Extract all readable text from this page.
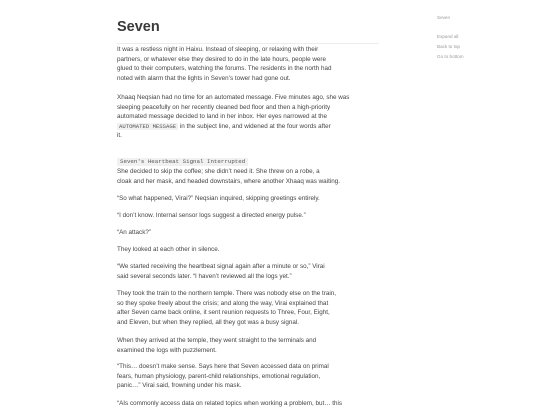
Seven
It was a restless night in Haixu. Instead of sleeping, or relaxing with their
partners, or whatever else they desired to do in the late hours, people were
glued to their computers, watching the forums. The residents in the north had
noted with alarm that the lights in Seven’s tower had gone out.
Xhaaq Neqsian had no time for an automated message. Five minutes ago, she was
sleeping peacefully on her recently cleaned bed floor and then a high-priority
automated message decided to land in her inbox. Her eyes narrowed at the
AUTOMATED MESSAGE in the subject line, and widened at the four words after
it.
Seven's Heartbeat Signal Interrupted
She decided to skip the coffee; she didn’t need it. She threw on a robe, a
cloak and her mask, and headed downstairs, where another Xhaaq was waiting.
“So what happened, Virai?” Neqsian inquired, skipping greetings entirely.
“I don’t know. Internal sensor logs suggest a directed energy pulse.”
“An attack?”
They looked at each other in silence.
“We started receiving the heartbeat signal again after a minute or so,” Virai
said several seconds later. “I haven’t reviewed all the logs yet.”
They took the train to the northern temple. There was nobody else on the train,
so they spoke freely about the crisis; and along the way, Virai explained that
after Seven came back online, it sent reunion requests to Three, Four, Eight,
and Eleven, but when they replied, all they got was a busy signal.
When they arrived at the temple, they went straight to the terminals and
examined the logs with puzzlement.
“This… doesn’t make sense. Says here that Seven accessed data on primal
fears, human physiology, parent-child relationships, emotional regulation,
panic…” Virai said, frowning under his mask.
“AIs commonly access data on related topics when working a problem, but… this
Seven
Expand all
Back to top
Go to bottom
